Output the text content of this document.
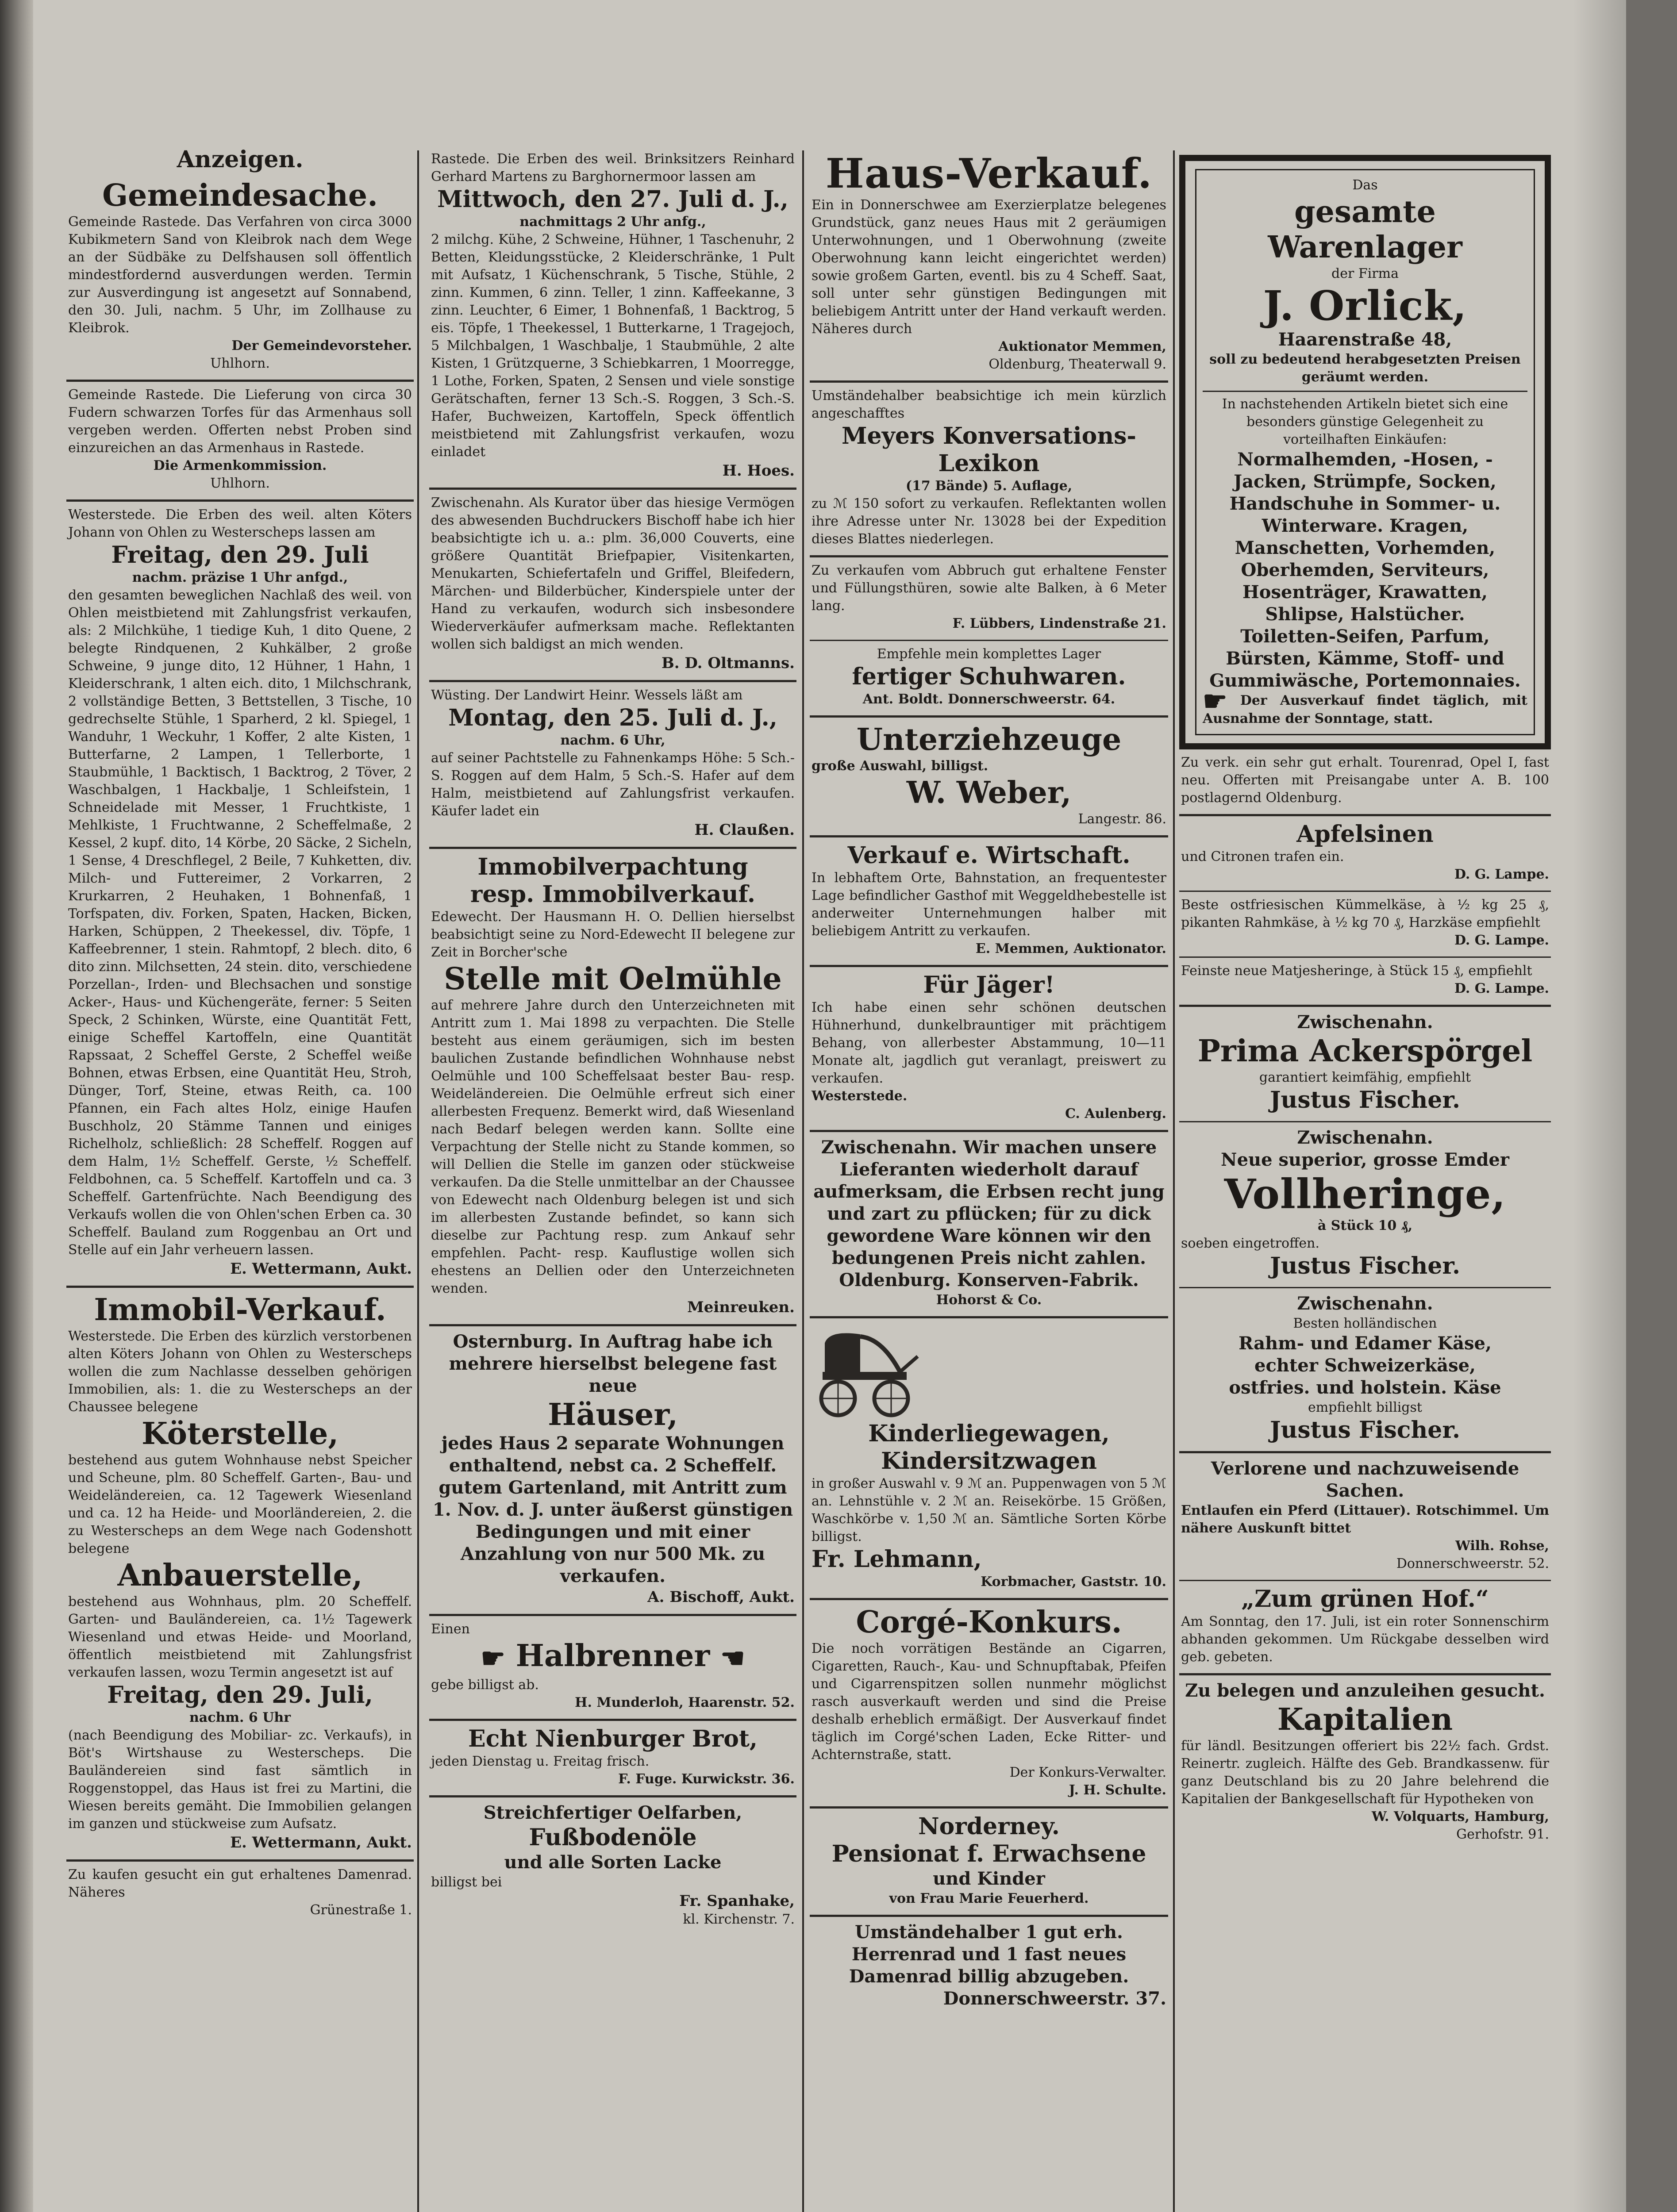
Anzeigen.

Gemeindesache.

Gemeinde Rastede. Das Verfahren von circa 3000 Kubikmetern Sand von Kleibrok nach dem Wege an der Südbäke zu Delfshausen soll öffentlich mindestfordernd ausverdungen werden. Termin zur Ausverdingung ist angesetzt auf Sonnabend, den 30. Juli, nachm. 5 Uhr, im Zollhause zu Kleibrok.

Der Gemeindevorsteher.

Uhlhorn.

Gemeinde Rastede. Die Lieferung von circa 30 Fudern schwarzen Torfes für das Armenhaus soll vergeben werden. Offerten nebst Proben sind einzureichen an das Armenhaus in Rastede.

Die Armenkommission.

Uhlhorn.

Westerstede. Die Erben des weil. alten Köters Johann von Ohlen zu Westerscheps lassen am

Freitag, den 29. Juli

nachm. präzise 1 Uhr anfgd.,

den gesamten beweglichen Nachlaß des weil. von Ohlen meistbietend mit Zahlungsfrist verkaufen, als: 2 Milchkühe, 1 tiedige Kuh, 1 dito Quene, 2 belegte Rindquenen, 2 Kuhkälber, 2 große Schweine, 9 junge dito, 12 Hühner, 1 Hahn, 1 Kleiderschrank, 1 alten eich. dito, 1 Milchschrank, 2 vollständige Betten, 3 Bettstellen, 3 Tische, 10 gedrechselte Stühle, 1 Sparherd, 2 kl. Spiegel, 1 Wanduhr, 1 Weckuhr, 1 Koffer, 2 alte Kisten, 1 Butterfarne, 2 Lampen, 1 Tellerborte, 1 Staubmühle, 1 Backtisch, 1 Backtrog, 2 Töver, 2 Waschbalgen, 1 Hackbalje, 1 Schleifstein, 1 Schneidelade mit Messer, 1 Fruchtkiste, 1 Mehlkiste, 1 Fruchtwanne, 2 Scheffelmaße, 2 Kessel, 2 kupf. dito, 14 Körbe, 20 Säcke, 2 Sicheln, 1 Sense, 4 Dreschflegel, 2 Beile, 7 Kuhketten, div. Milch- und Futtereimer, 2 Vorkarren, 2 Krurkarren, 2 Heuhaken, 1 Bohnenfaß, 1 Torfspaten, div. Forken, Spaten, Hacken, Bicken, Harken, Schüppen, 2 Theekessel, div. Töpfe, 1 Kaffeebrenner, 1 stein. Rahmtopf, 2 blech. dito, 6 dito zinn. Milchsetten, 24 stein. dito, verschiedene Porzellan-, Irden- und Blechsachen und sonstige Acker-, Haus- und Küchengeräte, ferner: 5 Seiten Speck, 2 Schinken, Würste, eine Quantität Fett, einige Scheffel Kartoffeln, eine Quantität Rapssaat, 2 Scheffel Gerste, 2 Scheffel weiße Bohnen, etwas Erbsen, eine Quantität Heu, Stroh, Dünger, Torf, Steine, etwas Reith, ca. 100 Pfannen, ein Fach altes Holz, einige Haufen Buschholz, 20 Stämme Tannen und einiges Richelholz, schließlich: 28 Scheffelf. Roggen auf dem Halm, 1½ Scheffelf. Gerste, ½ Scheffelf. Feldbohnen, ca. 5 Scheffelf. Kartoffeln und ca. 3 Scheffelf. Gartenfrüchte. Nach Beendigung des Verkaufs wollen die von Ohlen'schen Erben ca. 30 Scheffelf. Bauland zum Roggenbau an Ort und Stelle auf ein Jahr verheuern lassen.

E. Wettermann, Aukt.

Immobil-Verkauf.

Westerstede. Die Erben des kürzlich verstorbenen alten Köters Johann von Ohlen zu Westerscheps wollen die zum Nachlasse desselben gehörigen Immobilien, als: 1. die zu Westerscheps an der Chaussee belegene

Köterstelle,

bestehend aus gutem Wohnhause nebst Speicher und Scheune, plm. 80 Scheffelf. Garten-, Bau- und Weideländereien, ca. 12 Tagewerk Wiesenland und ca. 12 ha Heide- und Moorländereien, 2. die zu Westerscheps an dem Wege nach Godenshott belegene

Anbauerstelle,

bestehend aus Wohnhaus, plm. 20 Scheffelf. Garten- und Bauländereien, ca. 1½ Tagewerk Wiesenland und etwas Heide- und Moorland, öffentlich meistbietend mit Zahlungsfrist verkaufen lassen, wozu Termin angesetzt ist auf

Freitag, den 29. Juli,

nachm. 6 Uhr

(nach Beendigung des Mobiliar- zc. Verkaufs), in Böt's Wirtshause zu Westerscheps. Die Bauländereien sind fast sämtlich in Roggenstoppel, das Haus ist frei zu Martini, die Wiesen bereits gemäht. Die Immobilien gelangen im ganzen und stückweise zum Aufsatz.

E. Wettermann, Aukt.

Zu kaufen gesucht ein gut erhaltenes Damenrad. Näheres

Grünestraße 1.

Rastede. Die Erben des weil. Brinksitzers Reinhard Gerhard Martens zu Barghornermoor lassen am

Mittwoch, den 27. Juli d. J.,

nachmittags 2 Uhr anfg.,

2 milchg. Kühe, 2 Schweine, Hühner, 1 Taschenuhr, 2 Betten, Kleidungsstücke, 2 Kleiderschränke, 1 Pult mit Aufsatz, 1 Küchenschrank, 5 Tische, Stühle, 2 zinn. Kummen, 6 zinn. Teller, 1 zinn. Kaffeekanne, 3 zinn. Leuchter, 6 Eimer, 1 Bohnenfaß, 1 Backtrog, 5 eis. Töpfe, 1 Theekessel, 1 Butterkarne, 1 Tragejoch, 5 Milchbalgen, 1 Waschbalje, 1 Staubmühle, 2 alte Kisten, 1 Grützquerne, 3 Schiebkarren, 1 Moorregge, 1 Lothe, Forken, Spaten, 2 Sensen und viele sonstige Gerätschaften, ferner 13 Sch.-S. Roggen, 3 Sch.-S. Hafer, Buchweizen, Kartoffeln, Speck öffentlich meistbietend mit Zahlungsfrist verkaufen, wozu einladet

H. Hoes.

Zwischenahn. Als Kurator über das hiesige Vermögen des abwesenden Buchdruckers Bischoff habe ich hier beabsichtigte ich u. a.: plm. 36,000 Couverts, eine größere Quantität Briefpapier, Visitenkarten, Menukarten, Schiefertafeln und Griffel, Bleifedern, Märchen- und Bilderbücher, Kinderspiele unter der Hand zu verkaufen, wodurch sich insbesondere Wiederverkäufer aufmerksam mache. Reflektanten wollen sich baldigst an mich wenden.

B. D. Oltmanns.

Wüsting. Der Landwirt Heinr. Wessels läßt am

Montag, den 25. Juli d. J.,

nachm. 6 Uhr,

auf seiner Pachtstelle zu Fahnenkamps Höhe: 5 Sch.-S. Roggen auf dem Halm, 5 Sch.-S. Hafer auf dem Halm, meistbietend auf Zahlungsfrist verkaufen. Käufer ladet ein

H. Claußen.

Immobilverpachtung

resp. Immobilverkauf.

Edewecht. Der Hausmann H. O. Dellien hierselbst beabsichtigt seine zu Nord-Edewecht II belegene zur Zeit in Borcher'sche

Stelle mit Oelmühle

auf mehrere Jahre durch den Unterzeichneten mit Antritt zum 1. Mai 1898 zu verpachten. Die Stelle besteht aus einem geräumigen, sich im besten baulichen Zustande befindlichen Wohnhause nebst Oelmühle und 100 Scheffelsaat bester Bau- resp. Weideländereien. Die Oelmühle erfreut sich einer allerbesten Frequenz. Bemerkt wird, daß Wiesenland nach Bedarf belegen werden kann. Sollte eine Verpachtung der Stelle nicht zu Stande kommen, so will Dellien die Stelle im ganzen oder stückweise verkaufen. Da die Stelle unmittelbar an der Chaussee von Edewecht nach Oldenburg belegen ist und sich im allerbesten Zustande befindet, so kann sich dieselbe zur Pachtung resp. zum Ankauf sehr empfehlen. Pacht- resp. Kauflustige wollen sich ehestens an Dellien oder den Unterzeichneten wenden.

Meinreuken.

Osternburg. In Auftrag habe ich mehrere hierselbst belegene fast neue

Häuser,

jedes Haus 2 separate Wohnungen enthaltend, nebst ca. 2 Scheffelf. gutem Gartenland, mit Antritt zum 1. Nov. d. J. unter äußerst günstigen Bedingungen und mit einer Anzahlung von nur 500 Mk. zu verkaufen.

A. Bischoff, Aukt.

Einen

☛ Halbrenner ☚

gebe billigst ab.

H. Munderloh, Haarenstr. 52.

Echt Nienburger Brot,

jeden Dienstag u. Freitag frisch.

F. Fuge. Kurwickstr. 36.

Streichfertiger Oelfarben,

Fußbodenöle

und alle Sorten Lacke

billigst bei

Fr. Spanhake,

kl. Kirchenstr. 7.

Haus-Verkauf.

Ein in Donnerschwee am Exerzierplatze belegenes Grundstück, ganz neues Haus mit 2 geräumigen Unterwohnungen, und 1 Oberwohnung (zweite Oberwohnung kann leicht eingerichtet werden) sowie großem Garten, eventl. bis zu 4 Scheff. Saat, soll unter sehr günstigen Bedingungen mit beliebigem Antritt unter der Hand verkauft werden. Näheres durch

Auktionator Memmen,

Oldenburg, Theaterwall 9.

Umständehalber beabsichtige ich mein kürzlich angeschafftes

Meyers Konversations-

Lexikon

(17 Bände) 5. Auflage,

zu ℳ 150 sofort zu verkaufen. Reflektanten wollen ihre Adresse unter Nr. 13028 bei der Expedition dieses Blattes niederlegen.

Zu verkaufen vom Abbruch gut erhaltene Fenster und Füllungsthüren, sowie alte Balken, à 6 Meter lang.

F. Lübbers, Lindenstraße 21.

Empfehle mein komplettes Lager

fertiger Schuhwaren.

Ant. Boldt. Donnerschweerstr. 64.

Unterziehzeuge

große Auswahl, billigst.

W. Weber,

Langestr. 86.

Verkauf e. Wirtschaft.

In lebhaftem Orte, Bahnstation, an frequentester Lage befindlicher Gasthof mit Weggeldhebestelle ist anderweiter Unternehmungen halber mit beliebigem Antritt zu verkaufen.

E. Memmen, Auktionator.

Für Jäger!

Ich habe einen sehr schönen deutschen Hühnerhund, dunkelbrauntiger mit prächtigem Behang, von allerbester Abstammung, 10—11 Monate alt, jagdlich gut veranlagt, preiswert zu verkaufen.

Westerstede.

C. Aulenberg.

Zwischenahn. Wir machen unsere Lieferanten wiederholt darauf aufmerksam, die Erbsen recht jung und zart zu pflücken; für zu dick gewordene Ware können wir den bedungenen Preis nicht zahlen.

Oldenburg. Konserven-Fabrik.

Hohorst & Co.

Kinderliegewagen,

Kindersitzwagen

in großer Auswahl v. 9 ℳ an. Puppenwagen von 5 ℳ an. Lehnstühle v. 2 ℳ an. Reisekörbe. 15 Größen, Waschkörbe v. 1,50 ℳ an. Sämtliche Sorten Körbe billigst.

Fr. Lehmann,

Korbmacher, Gaststr. 10.

Corgé-Konkurs.

Die noch vorrätigen Bestände an Cigarren, Cigaretten, Rauch-, Kau- und Schnupftabak, Pfeifen und Cigarrenspitzen sollen nunmehr möglichst rasch ausverkauft werden und sind die Preise deshalb erheblich ermäßigt. Der Ausverkauf findet täglich im Corgé'schen Laden, Ecke Ritter- und Achternstraße, statt.

Der Konkurs-Verwalter.

J. H. Schulte.

Norderney.

Pensionat f. Erwachsene

und Kinder

von Frau Marie Feuerherd.

Umständehalber 1 gut erh. Herrenrad und 1 fast neues Damenrad billig abzugeben.

Donnerschweerstr. 37.

Das

gesamte Warenlager

der Firma

J. Orlick,

Haarenstraße 48,

soll zu bedeutend herabgesetzten Preisen geräumt werden.

In nachstehenden Artikeln bietet sich eine besonders günstige Gelegenheit zu vorteilhaften Einkäufen:

Normalhemden, -Hosen, -Jacken, Strümpfe, Socken, Handschuhe in Sommer- u. Winterware. Kragen, Manschetten, Vorhemden, Oberhemden, Serviteurs, Hosenträger, Krawatten, Shlipse, Halstücher.

Toiletten-Seifen, Parfum, Bürsten, Kämme, Stoff- und Gummiwäsche, Portemonnaies.

☛ Der Ausverkauf findet täglich, mit Ausnahme der Sonntage, statt.

Zu verk. ein sehr gut erhalt. Tourenrad, Opel I, fast neu. Offerten mit Preisangabe unter A. B. 100 postlagernd Oldenburg.

Apfelsinen

und Citronen trafen ein.

D. G. Lampe.

Beste ostfriesischen Kümmelkäse, à ½ kg 25 ₰, pikanten Rahmkäse, à ½ kg 70 ₰, Harzkäse empfiehlt

D. G. Lampe.

Feinste neue Matjesheringe, à Stück 15 ₰, empfiehlt

D. G. Lampe.

Zwischenahn.

Prima Ackerspörgel

garantiert keimfähig, empfiehlt

Justus Fischer.

Zwischenahn.

Neue superior, grosse Emder

Vollheringe,

à Stück 10 ₰,

soeben eingetroffen.

Justus Fischer.

Zwischenahn.

Besten holländischen

Rahm- und Edamer Käse,

echter Schweizerkäse,

ostfries. und holstein. Käse

empfiehlt billigst

Justus Fischer.

Verlorene und nachzuweisende Sachen.

Entlaufen ein Pferd (Littauer). Rotschimmel. Um nähere Auskunft bittet

Wilh. Rohse,

Donnerschweerstr. 52.

„Zum grünen Hof.“

Am Sonntag, den 17. Juli, ist ein roter Sonnenschirm abhanden gekommen. Um Rückgabe desselben wird geb. gebeten.

Zu belegen und anzuleihen gesucht.

Kapitalien

für ländl. Besitzungen offeriert bis 22½ fach. Grdst. Reinertr. zugleich. Hälfte des Geb. Brandkassenw. für ganz Deutschland bis zu 20 Jahre belehrend die Kapitalien der Bankgesellschaft für Hypotheken von

W. Volquarts, Hamburg,

Gerhofstr. 91.
